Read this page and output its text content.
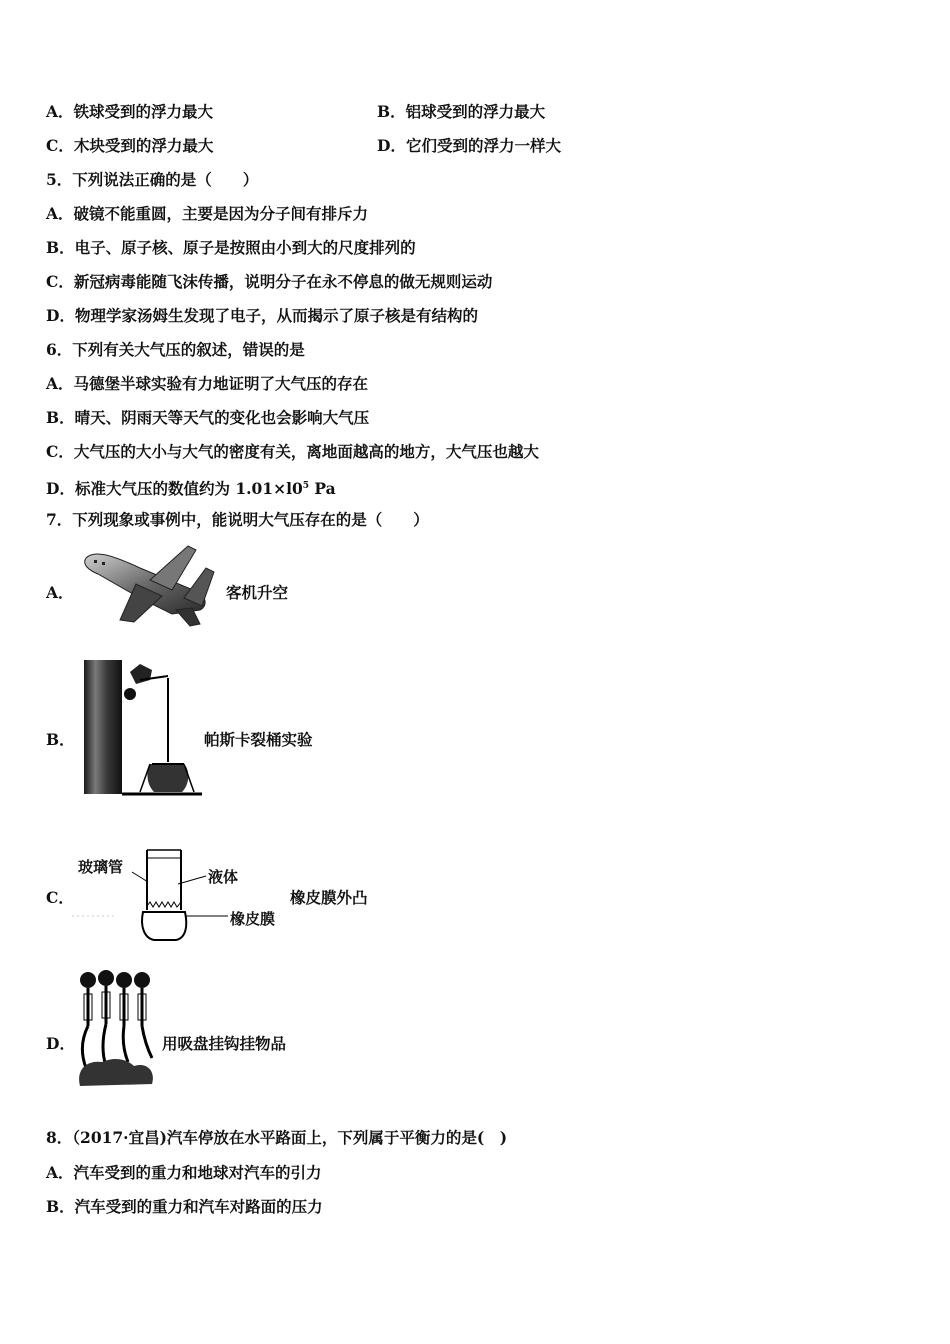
A．铁球受到的浮力最大	B．铝球受到的浮力最大
C．木块受到的浮力最大	D．它们受到的浮力一样大
5．下列说法正确的是（　　）
A．破镜不能重圆，主要是因为分子间有排斥力
B．电子、原子核、原子是按照由小到大的尺度排列的
C．新冠病毒能随飞沫传播，说明分子在永不停息的做无规则运动
D．物理学家汤姆生发现了电子，从而揭示了原子核是有结构的
6．下列有关大气压的叙述，错误的是
A．马德堡半球实验有力地证明了大气压的存在
B．晴天、阴雨天等天气的变化也会影响大气压
C．大气压的大小与大气的密度有关，离地面越高的地方，大气压也越大
D．标准大气压的数值约为 $1.01\times l0^5$ Pa
7．下列现象或事例中，能说明大气压存在的是（　　）
A．	客机升空
B．	帕斯卡裂桶实验
C．
玻璃管
液体
橡皮膜
橡皮膜外凸
D．	用吸盘挂钩挂物品
8．（2017·宜昌)汽车停放在水平路面上，下列属于平衡力的是(　)
A．汽车受到的重力和地球对汽车的引力
B．汽车受到的重力和汽车对路面的压力
